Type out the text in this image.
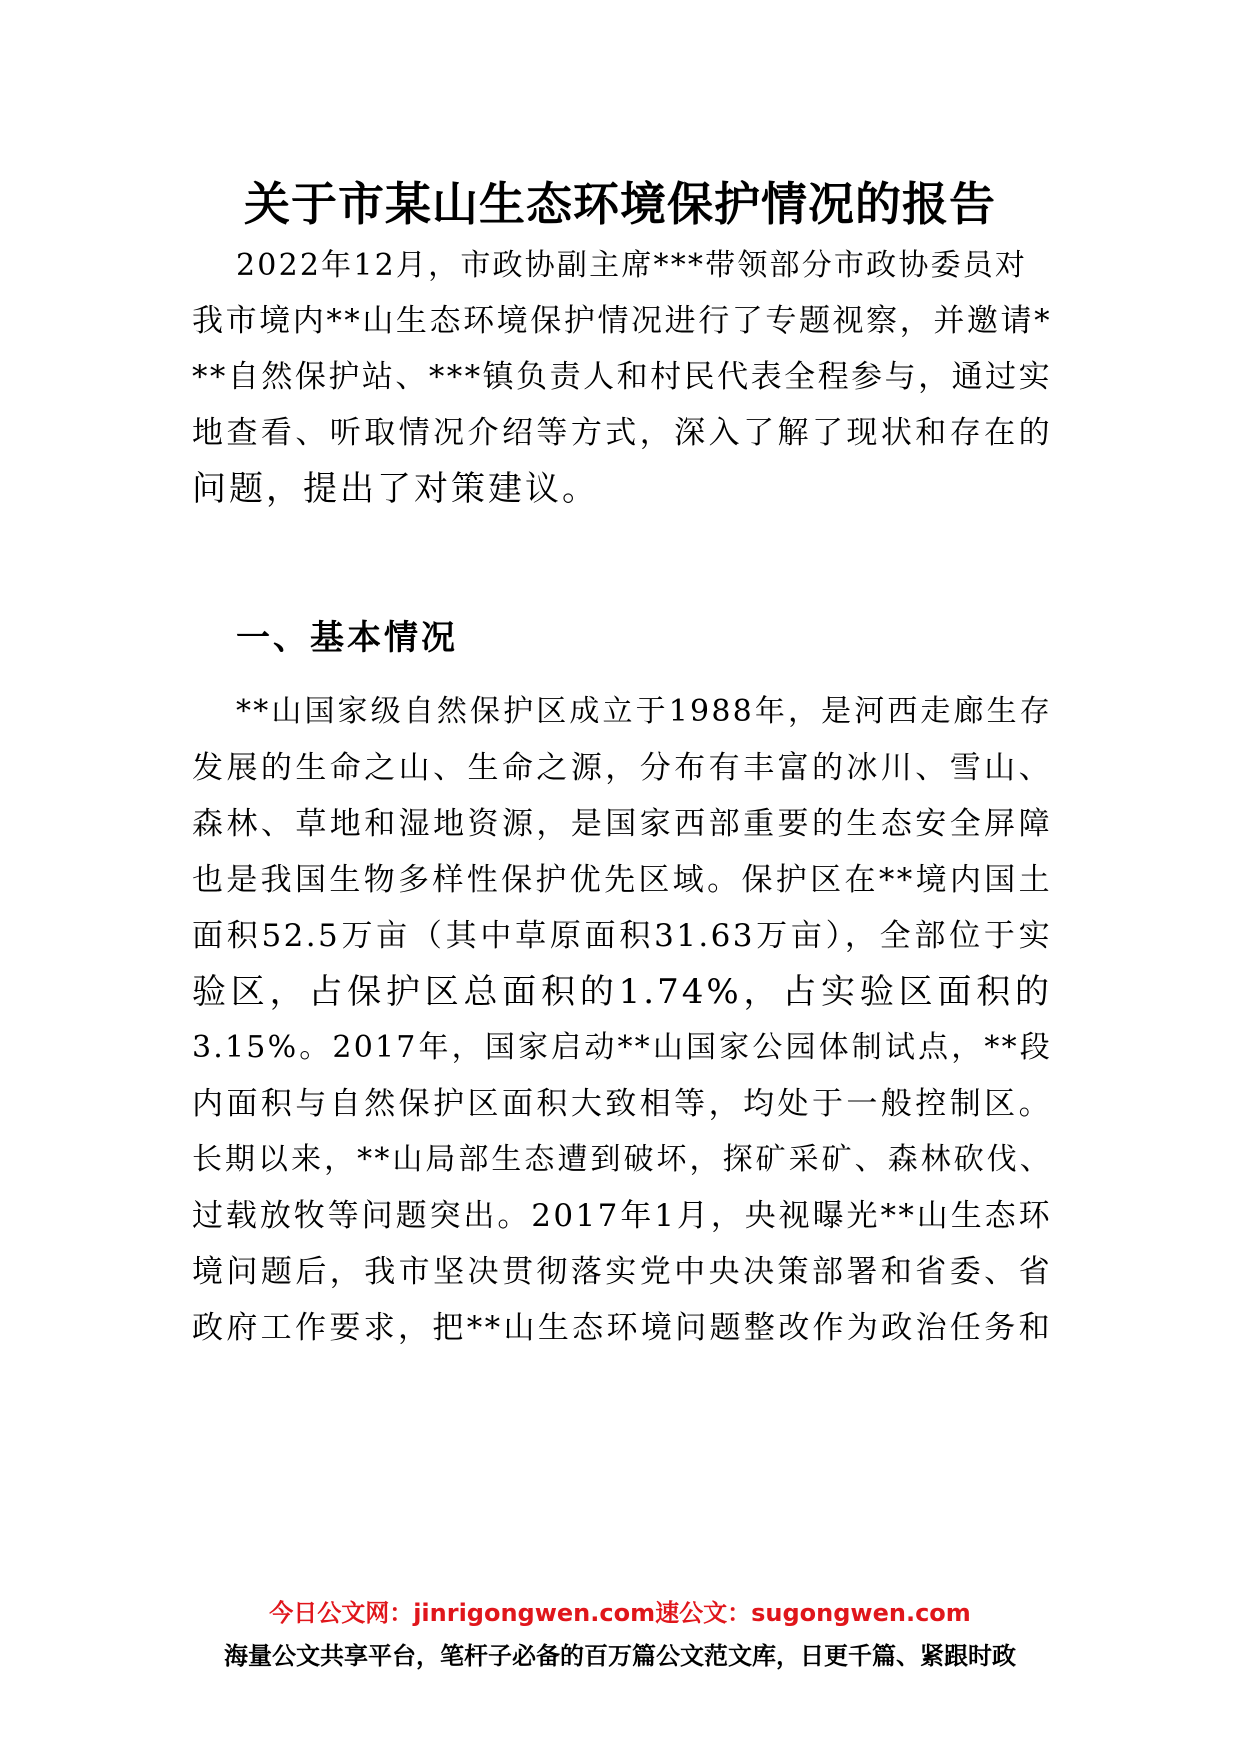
关于市某山生态环境保护情况的报告
2022年12月，市政协副主席***带领部分市政协委员对
我市境内**山生态环境保护情况进行了专题视察，并邀请*
**自然保护站、***镇负责人和村民代表全程参与，通过实
地查看、听取情况介绍等方式，深入了解了现状和存在的
问题，提出了对策建议。
一、基本情况
**山国家级自然保护区成立于1988年，是河西走廊生存
发展的生命之山、生命之源，分布有丰富的冰川、雪山、
森林、草地和湿地资源，是国家西部重要的生态安全屏障
也是我国生物多样性保护优先区域。保护区在**境内国土
面积52.5万亩（其中草原面积31.63万亩），全部位于实
验区，占保护区总面积的1.74%，占实验区面积的
3.15%。2017年，国家启动**山国家公园体制试点，**段
内面积与自然保护区面积大致相等，均处于一般控制区。
长期以来，**山局部生态遭到破坏，探矿采矿、森林砍伐、
过载放牧等问题突出。2017年1月，央视曝光**山生态环
境问题后，我市坚决贯彻落实党中央决策部署和省委、省
政府工作要求，把**山生态环境问题整改作为政治任务和
今日公文网：jinrigongwen.com速公文：sugongwen.com
海量公文共享平台，笔杆子必备的百万篇公文范文库，日更千篇、紧跟时政
